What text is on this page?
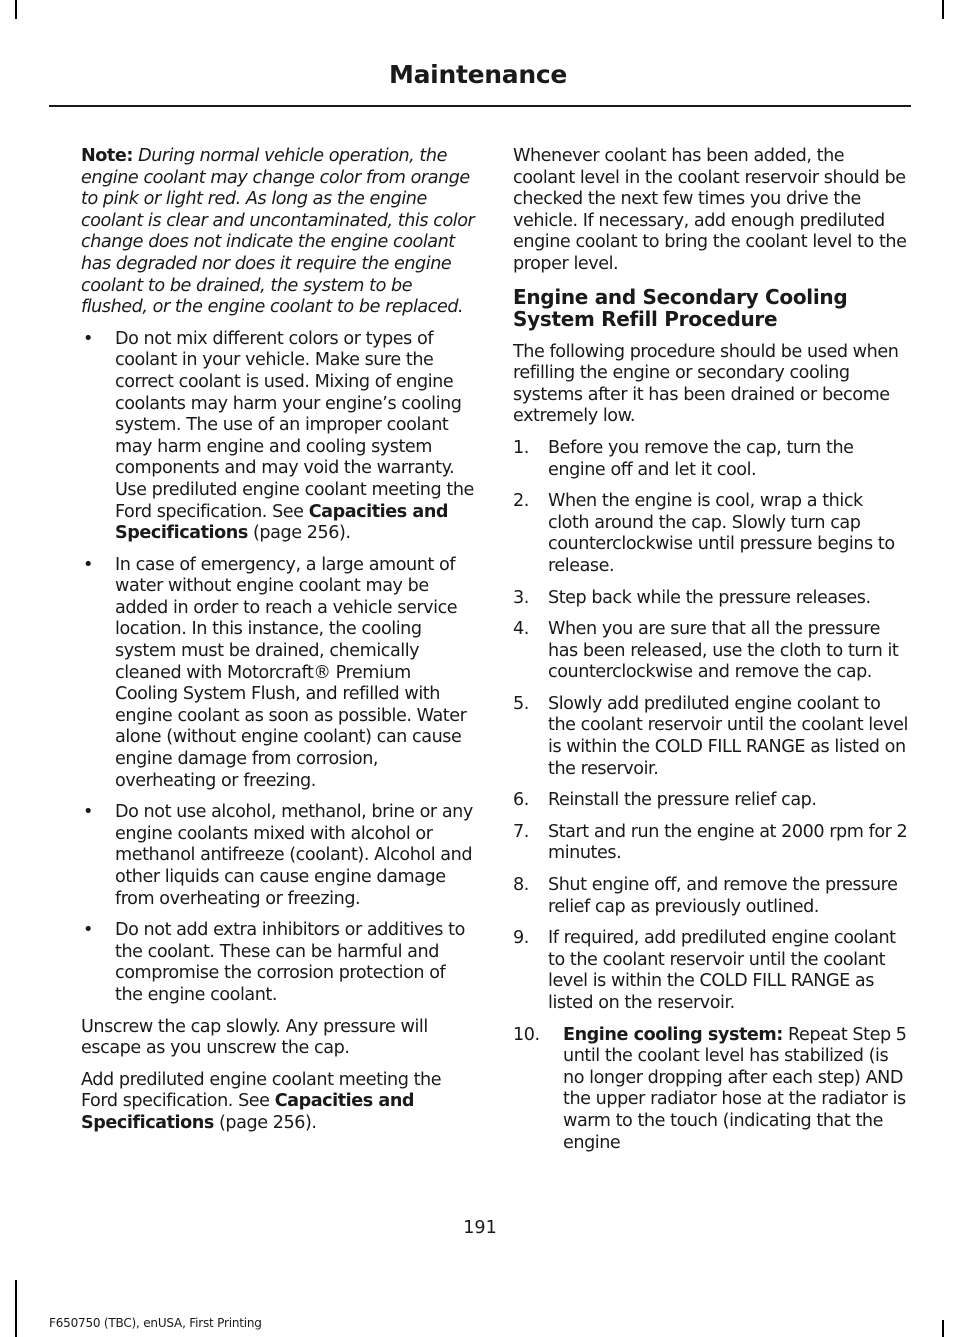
Maintenance

Note: During normal vehicle operation, the engine coolant may change color from orange to pink or light red. As long as the engine coolant is clear and uncontaminated, this color change does not indicate the engine coolant has degraded nor does it require the engine coolant to be drained, the system to be flushed, or the engine coolant to be replaced.

• Do not mix different colors or types of coolant in your vehicle. Make sure the correct coolant is used. Mixing of engine coolants may harm your engine’s cooling system. The use of an improper coolant may harm engine and cooling system components and may void the warranty. Use prediluted engine coolant meeting the Ford specification. See Capacities and Specifications (page 256).
• In case of emergency, a large amount of water without engine coolant may be added in order to reach a vehicle service location. In this instance, the cooling system must be drained, chemically cleaned with Motorcraft® Premium Cooling System Flush, and refilled with engine coolant as soon as possible. Water alone (without engine coolant) can cause engine damage from corrosion, overheating or freezing.
• Do not use alcohol, methanol, brine or any engine coolants mixed with alcohol or methanol antifreeze (coolant). Alcohol and other liquids can cause engine damage from overheating or freezing.
• Do not add extra inhibitors or additives to the coolant. These can be harmful and compromise the corrosion protection of the engine coolant.

Unscrew the cap slowly. Any pressure will escape as you unscrew the cap.

Add prediluted engine coolant meeting the Ford specification. See Capacities and Specifications (page 256).

Whenever coolant has been added, the coolant level in the coolant reservoir should be checked the next few times you drive the vehicle. If necessary, add enough prediluted engine coolant to bring the coolant level to the proper level.

Engine and Secondary Cooling System Refill Procedure

The following procedure should be used when refilling the engine or secondary cooling systems after it has been drained or become extremely low.

1. Before you remove the cap, turn the engine off and let it cool.
2. When the engine is cool, wrap a thick cloth around the cap. Slowly turn cap counterclockwise until pressure begins to release.
3. Step back while the pressure releases.
4. When you are sure that all the pressure has been released, use the cloth to turn it counterclockwise and remove the cap.
5. Slowly add prediluted engine coolant to the coolant reservoir until the coolant level is within the COLD FILL RANGE as listed on the reservoir.
6. Reinstall the pressure relief cap.
7. Start and run the engine at 2000 rpm for 2 minutes.
8. Shut engine off, and remove the pressure relief cap as previously outlined.
9. If required, add prediluted engine coolant to the coolant reservoir until the coolant level is within the COLD FILL RANGE as listed on the reservoir.
10. Engine cooling system: Repeat Step 5 until the coolant level has stabilized (is no longer dropping after each step) AND the upper radiator hose at the radiator is warm to the touch (indicating that the engine
191
F650750 (TBC), enUSA, First Printing
